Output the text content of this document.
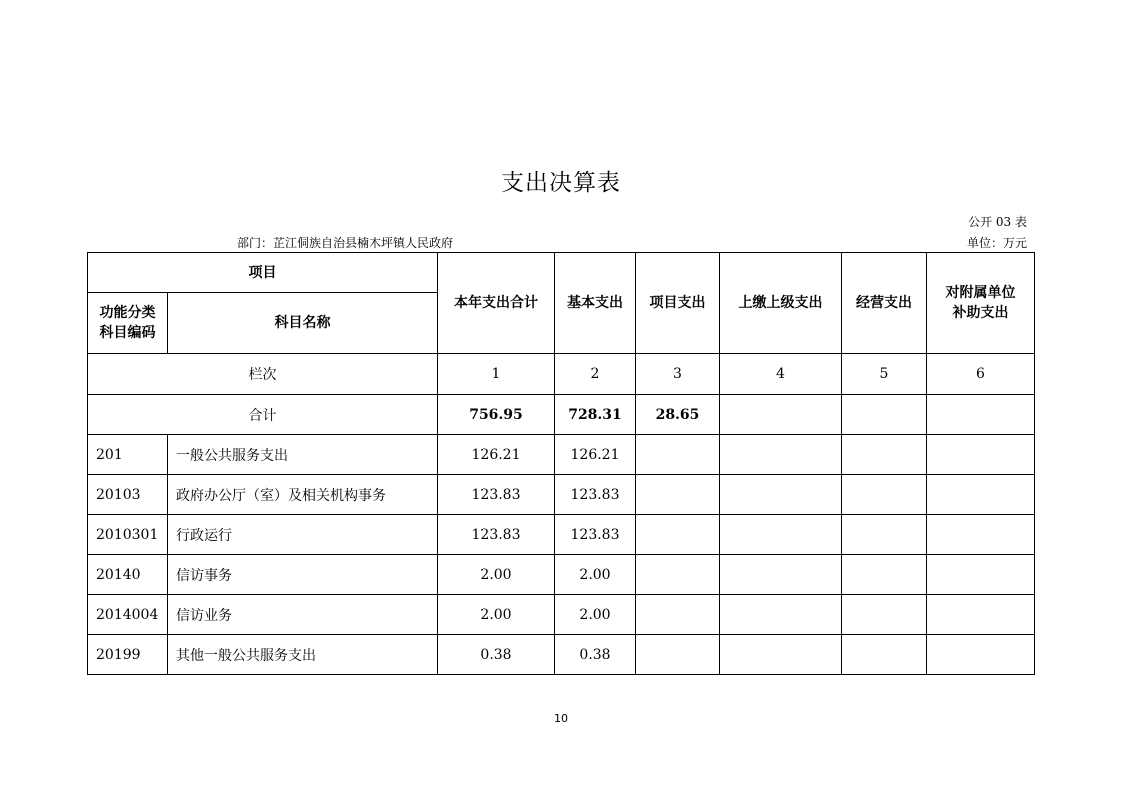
支出决算表
公开 03 表
部门：芷江侗族自治县楠木坪镇人民政府	单位：万元
项目		本年支出合计	基本支出	项目支出	上缴上级支出	经营支出	对附属单位补助支出
功能分类科目编码	科目名称						
栏次		1	2	3	4	5	6
合计		756.95	728.31	28.65			
201	一般公共服务支出	126.21	126.21				
20103	政府办公厅（室）及相关机构事务	123.83	123.83				
2010301	行政运行	123.83	123.83				
20140	信访事务	2.00	2.00				
2014004	信访业务	2.00	2.00				
20199	其他一般公共服务支出	0.38	0.38				
10
